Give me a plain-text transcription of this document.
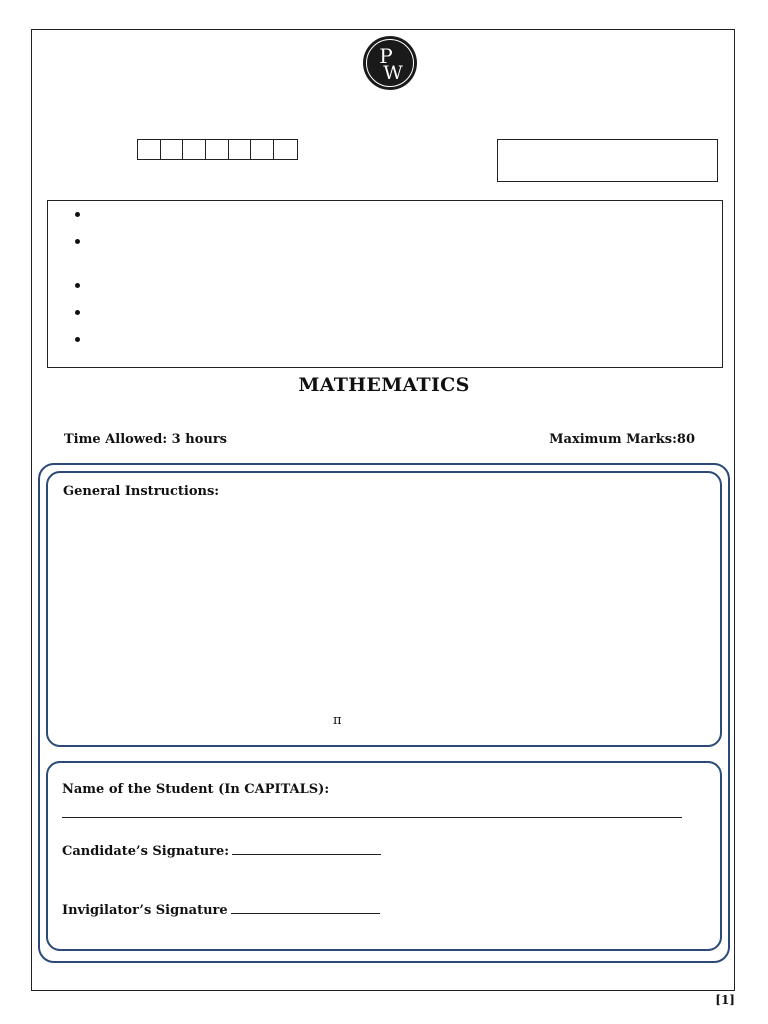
P
W
MATHEMATICS
Time Allowed: 3 hours	Maximum Marks:80
General Instructions:
π
Name of the Student (In CAPITALS):
Candidate’s Signature:
Invigilator’s Signature
[1]
